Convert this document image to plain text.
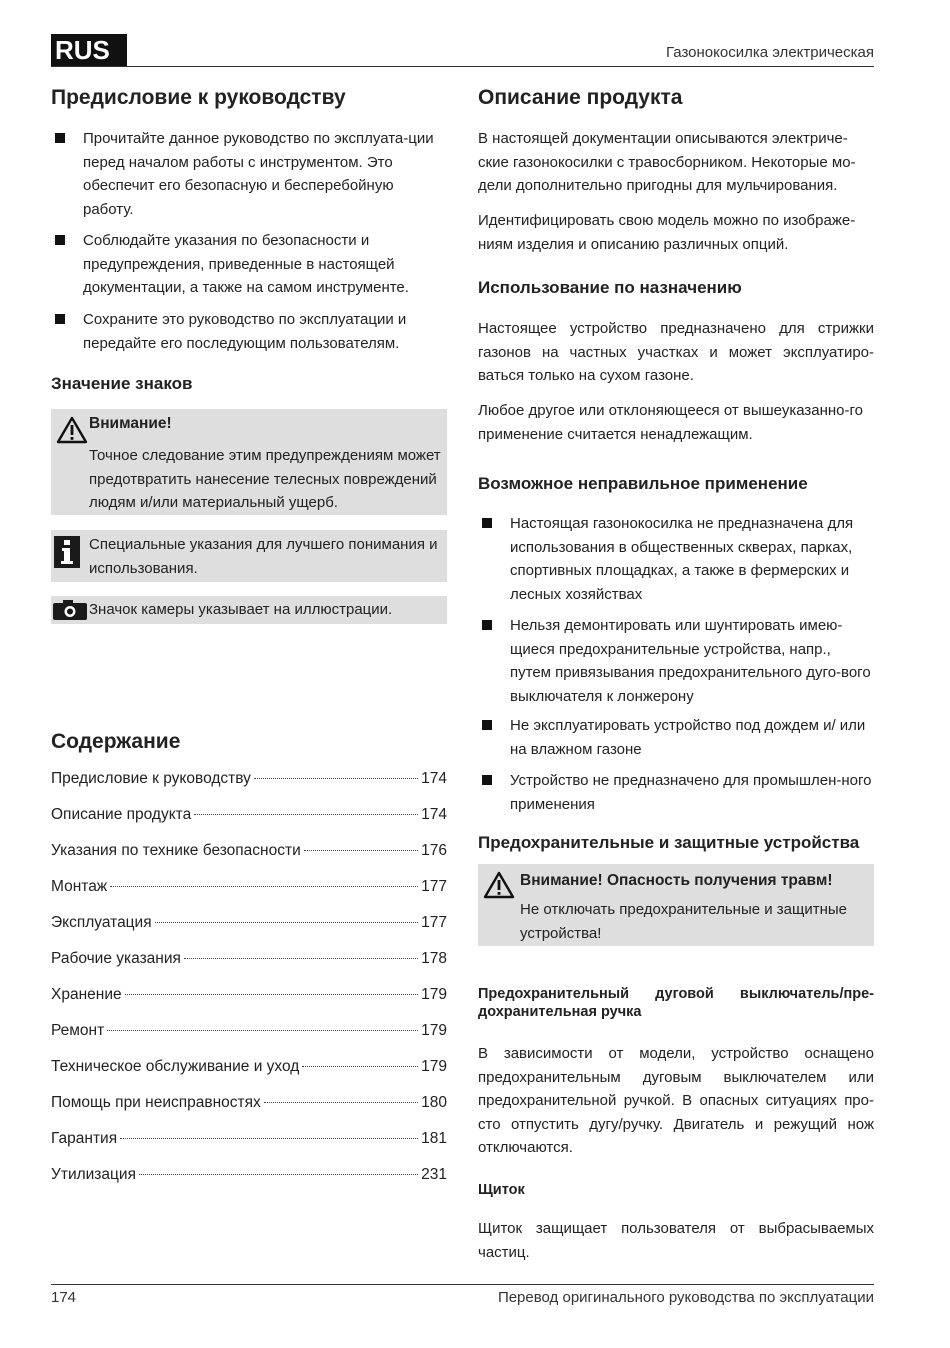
RUS	Газонокосилка электрическая
Предисловие к руководству
Прочитайте данное руководство по эксплуата-ции перед началом работы с инструментом. Это обеспечит его безопасную и бесперебойную работу.
Соблюдайте указания по безопасности и предупреждения, приведенные в настоящей документации, а также на самом инструменте.
Сохраните это руководство по эксплуатации и передайте его последующим пользователям.
Значение знаков
Внимание!
Точное следование этим предупреждениям может предотвратить нанесение телесных повреждений людям и/или материальный ущерб.
Специальные указания для лучшего понимания и использования.
Значок камеры указывает на иллюстрации.
Содержание
Предисловие к руководству	174
Описание продукта	174
Указания по технике безопасности	176
Монтаж	177
Эксплуатация	177
Рабочие указания	178
Хранение	179
Ремонт	179
Техническое обслуживание и уход	179
Помощь при неисправностях	180
Гарантия	181
Утилизация	231
Описание продукта

В настоящей документации описываются электриче-ские газонокосилки с травосборником. Некоторые мо-дели дополнительно пригодны для мульчирования.

Идентифицировать свою модель можно по изображе-ниям изделия и описанию различных опций.

Использование по назначению

Настоящее устройство предназначено для стрижки газонов на частных участках и может эксплуатиро-ваться только на сухом газоне.

Любое другое или отклоняющееся от вышеуказанно-го применение считается ненадлежащим.

Возможное неправильное применение
Настоящая газонокосилка не предназначена для использования в общественных скверах, парках, спортивных площадках, а также в фермерских и лесных хозяйствах
Нельзя демонтировать или шунтировать имею-щиеся предохранительные устройства, напр., путем привязывания предохранительного дуго-вого выключателя к лонжерону
Не эксплуатировать устройство под дождем и/ или на влажном газоне
Устройство не предназначено для промышлен-ного применения
Предохранительные и защитные устройства
Внимание! Опасность получения травм!
Не отключать предохранительные и защитные устройства!
Предохранительный дуговой выключатель/пре-дохранительная ручка

В зависимости от модели, устройство оснащено предохранительным дуговым выключателем или предохранительной ручкой. В опасных ситуациях про-сто отпустить дугу/ручку. Двигатель и режущий нож отключаются.

Щиток

Щиток защищает пользователя от выбрасываемых частиц.

174	Перевод оригинального руководства по эксплуатации
